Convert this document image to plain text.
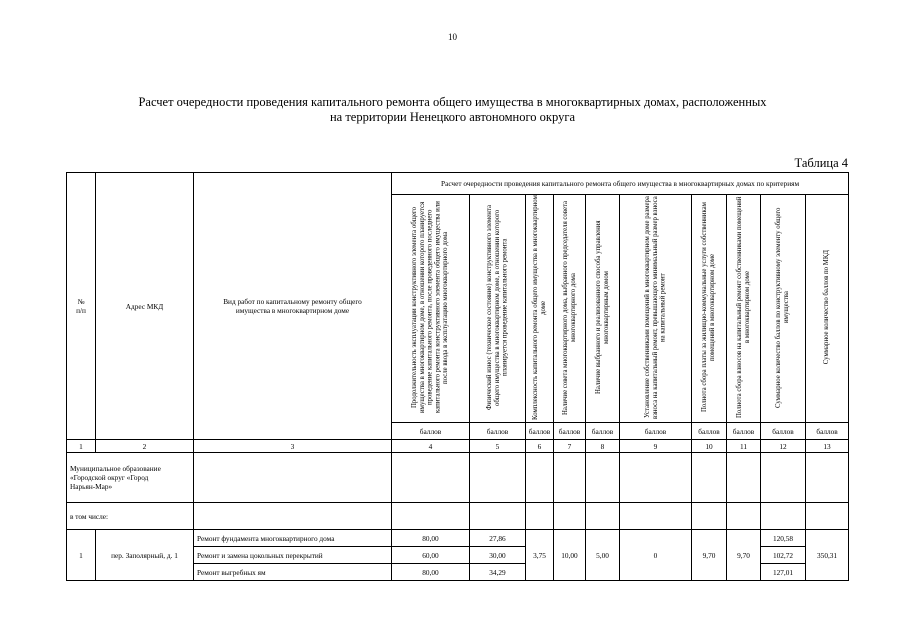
10
Расчет очередности проведения капитального ремонта общего имущества в многоквартирных домах, расположенных
на территории Ненецкого автономного округа
Таблица 4
№
п/п	Адрес МКД	Вид работ по капитальному ремонту общего имущества в многоквартирном доме	Расчет очередности проведения капитального ремонта общего имущества в многоквартирных домах по критериям									
			Продолжительность эксплуатации конструктивного элемента общего имущества в многоквартирном доме, в отношении которого планируется проведение капитального ремонта, после проведенного последнего капитального ремонта конструктивного элемента общего имущества или после ввода в эксплуатацию многоквартирного дома	Физический износ (техническое состояние) конструктивного элемента общего имущества в многоквартирном доме, в отношении которого планируется проведение капитального ремонта	Комплексность капитального ремонта общего имущества в многоквартирном доме	Наличие совета многоквартирного дома, выбранного председателя совета многоквартирного дома	Наличие выбранного и реализованного способа управления многоквартирным домом	Установление собственниками помещений в многоквартирном доме размера взноса на капитальный ремонт, превышающего минимальный размер взноса на капитальный ремонт	Полнота сбора платы за жилищно-коммунальные услуги собственникам помещений в многоквартирном доме	Полнота сбора взносов на капитальный ремонт собственниками помещений в многоквартирном доме	Суммарное количество баллов по конструктивному элементу общего имущества	Суммарное количество баллов по МКД
			баллов	баллов	баллов	баллов	баллов	баллов	баллов	баллов	баллов	баллов
1	2	3	4	5	6	7	8	9	10	11	12	13
Муниципальное образование «Городской округ «Город Нарьян-Мар»												
в том числе:												
1	пер. Заполярный, д. 1	Ремонт фундамента многоквартирного дома	80,00	27,86	3,75	10,00	5,00	0	9,70	9,70	120,58	350,31
		Ремонт и замена цокольных перекрытий	60,00	30,00							102,72	
		Ремонт выгребных ям	80,00	34,29							127,01	
